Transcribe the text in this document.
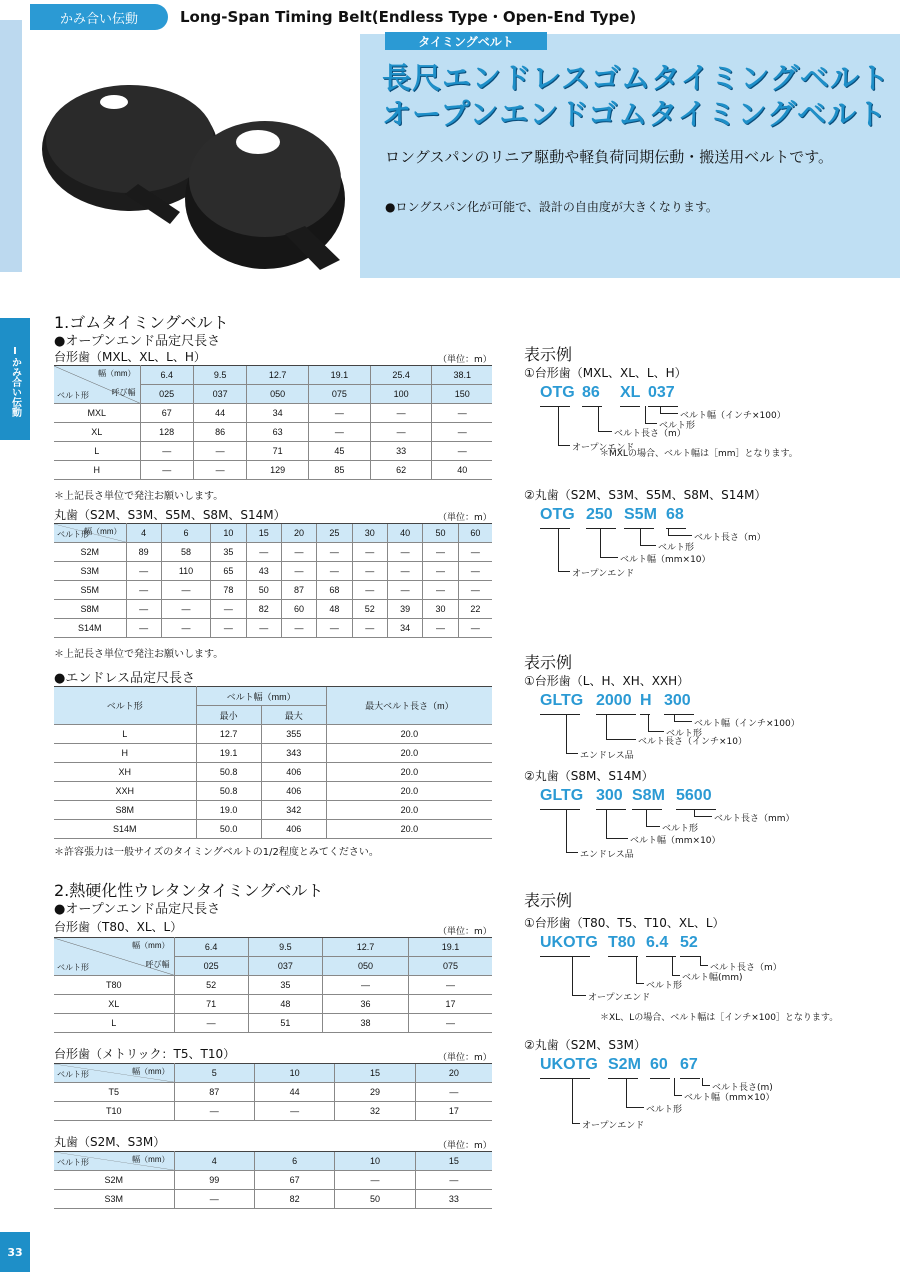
Ⅰかみ合い伝動
33
かみ合い伝動	Long-Span Timing Belt(Endless Type・Open-End Type)
タイミングベルト
長尺エンドレスゴムタイミングベルト
オープンエンドゴムタイミングベルト
ロングスパンのリニア駆動や軽負荷同期伝動・搬送用ベルトです。
●ロングスパン化が可能で、設計の自由度が大きくなります。
1.ゴムタイミングベルト
●オープンエンド品定尺長さ
台形歯（MXL、XL、L、H）	（単位：m）
幅（mm）
呼び幅
ベルト形	6.4	9.5	12.7	19.1	25.4	38.1
	025	037	050	075	100	150
MXL	67	44	34	—	—	—
XL	128	86	63	—	—	—
L	—	—	71	45	33	—
H	—	—	129	85	62	40
＊上記長さ単位で発注お願いします。
丸歯（S2M、S3M、S5M、S8M、S14M）	（単位：m）
幅（mm）
ベルト形	4	6	10	15	20	25	30	40	50	60
S2M	89	58	35	—	—	—	—	—	—	—
S3M	—	110	65	43	—	—	—	—	—	—
S5M	—	—	78	50	87	68	—	—	—	—
S8M	—	—	—	82	60	48	52	39	30	22
S14M	—	—	—	—	—	—	—	34	—	—
＊上記長さ単位で発注お願いします。
●エンドレス品定尺長さ
ベルト形	ベルト幅（mm）		最大ベルト長さ（m）
	最小	最大	
L	12.7	355	20.0
H	19.1	343	20.0
XH	50.8	406	20.0
XXH	50.8	406	20.0
S8M	19.0	342	20.0
S14M	50.0	406	20.0
＊許容張力は一般サイズのタイミングベルトの1/2程度とみてください。
2.熱硬化性ウレタンタイミングベルト
●オープンエンド品定尺長さ
台形歯（T80、XL、L）	（単位：m）
幅（mm）
呼び幅
ベルト形	6.4	9.5	12.7	19.1
	025	037	050	075
T80	52	35	—	—
XL	71	48	36	17
L	—	51	38	—
台形歯（メトリック：T5、T10）	（単位：m）
幅（mm）
ベルト形	5	10	15	20
T5	87	44	29	—
T10	—	—	32	17
丸歯（S2M、S3M）	（単位：m）
幅（mm）
ベルト形	4	6	10	15
S2M	99	67	—	—
S3M	—	82	50	33
表示例
①台形歯（MXL、XL、L、H）
OTG 86 XL 037
ベルト幅（インチ×100）
ベルト形
ベルト長さ（m）
オープンエンド
＊MXLの場合、ベルト幅は［mm］となります。
②丸歯（S2M、S3M、S5M、S8M、S14M）
OTG 250 S5M 68
ベルト長さ（m）
ベルト形
ベルト幅（mm×10）
オープンエンド
表示例
①台形歯（L、H、XH、XXH）
GLTG 2000 H 300
ベルト幅（インチ×100）
ベルト形
ベルト長さ（インチ×10）
エンドレス品
②丸歯（S8M、S14M）
GLTG 300 S8M 5600
ベルト長さ（mm）
ベルト形
ベルト幅（mm×10）
エンドレス品
表示例
①台形歯（T80、T5、T10、XL、L）
UKOTG T80 6.4 52
ベルト長さ（m）
ベルト幅(mm)
ベルト形
オープンエンド
＊XL、Lの場合、ベルト幅は［インチ×100］となります。
②丸歯（S2M、S3M）
UKOTG S2M 60 67
ベルト長さ(m)
ベルト幅（mm×10）
ベルト形
オープンエンド
